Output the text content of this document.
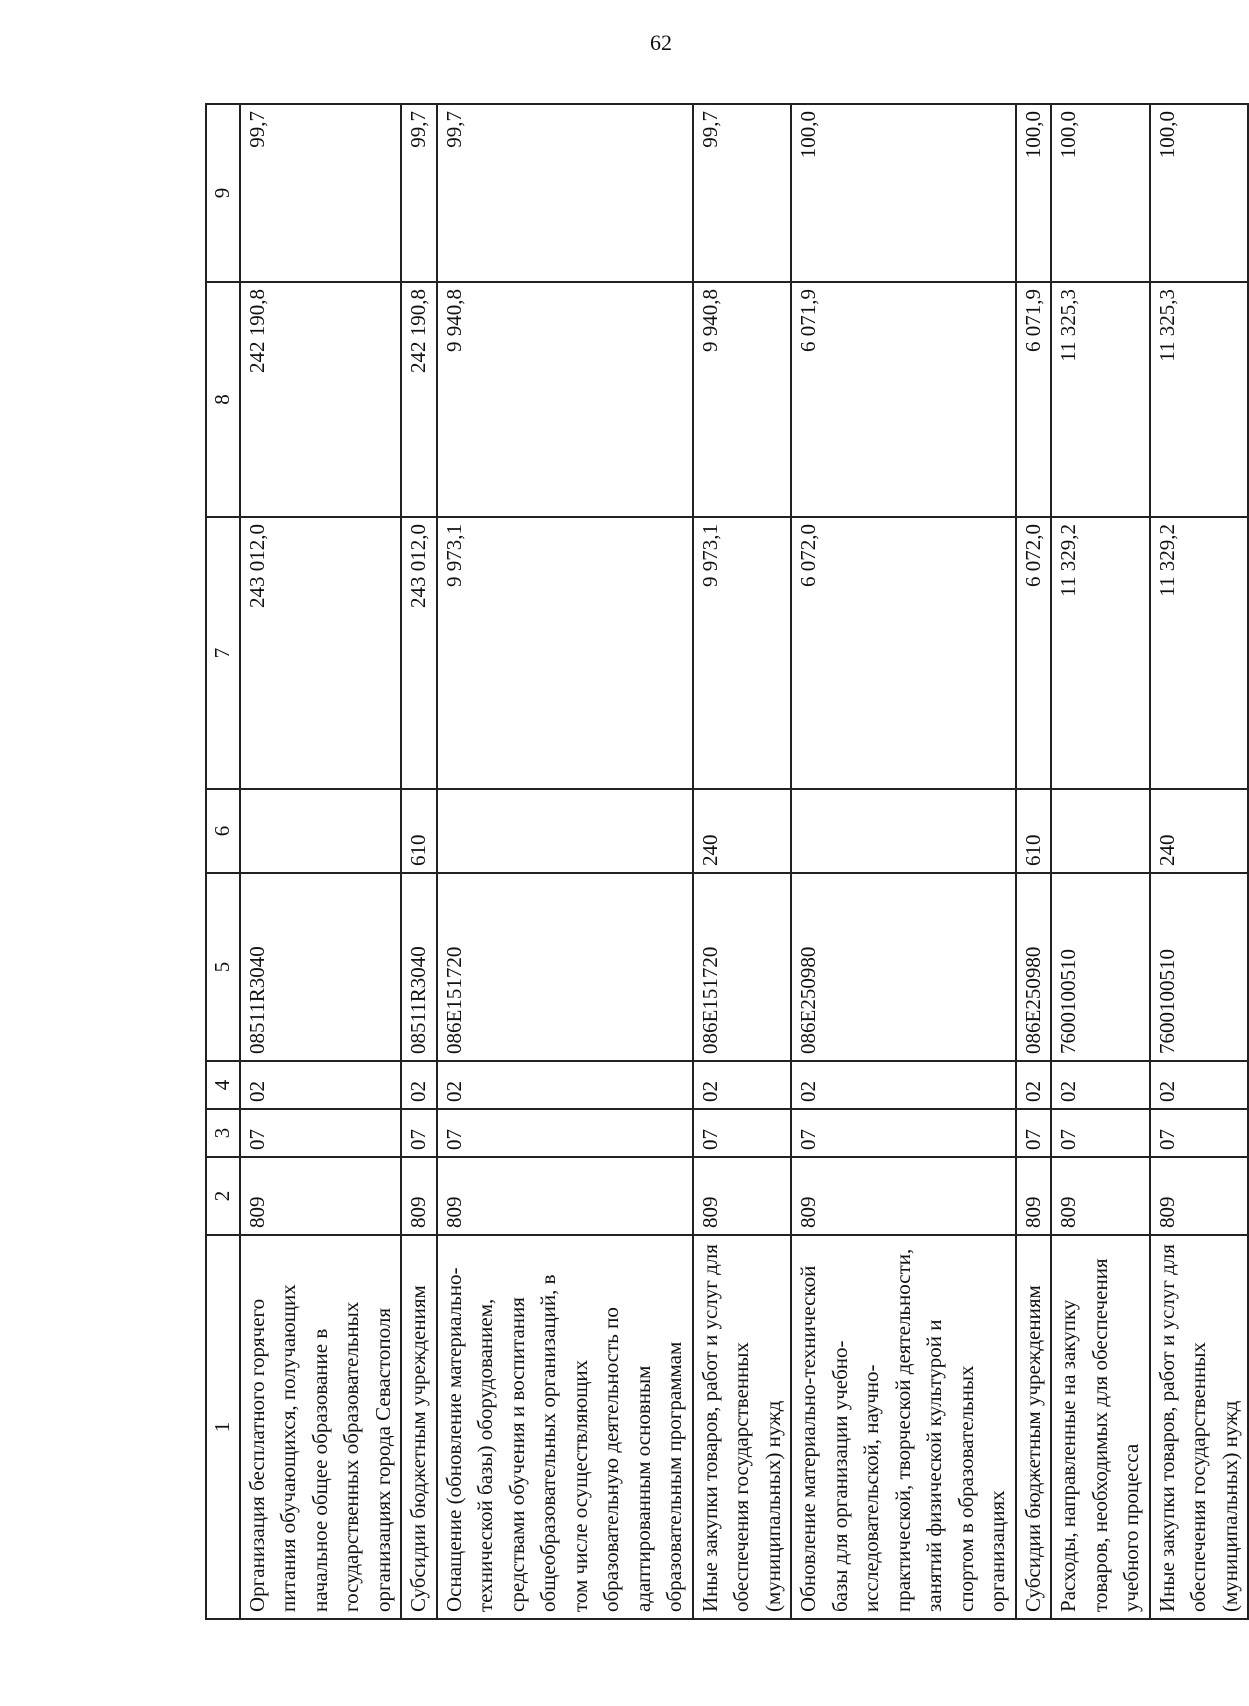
62
1	2	3	4	5	6	7	8	9
Организация бесплатного горячего питания обучающихся, получающих начальное общее образование в государственных образовательных организациях города Севастополя	809	07	02	08511R3040		243 012,0	242 190,8	99,7
Субсидии бюджетным учреждениям	809	07	02	08511R3040	610	243 012,0	242 190,8	99,7
Оснащение (обновление материально-технической базы) оборудованием, средствами обучения и воспитания общеобразовательных организаций, в том числе осуществляющих образовательную деятельность по адаптированным основным образовательным программам	809	07	02	086E151720		9 973,1	9 940,8	99,7
Иные закупки товаров, работ и услуг для обеспечения государственных (муниципальных) нужд	809	07	02	086E151720	240	9 973,1	9 940,8	99,7
Обновление материально-технической базы для организации учебно-исследовательской, научно-практической, творческой деятельности, занятий физической культурой и спортом в образовательных организациях	809	07	02	086E250980		6 072,0	6 071,9	100,0
Субсидии бюджетным учреждениям	809	07	02	086E250980	610	6 072,0	6 071,9	100,0
Расходы, направленные на закупку товаров, необходимых для обеспечения учебного процесса	809	07	02	7600100510		11 329,2	11 325,3	100,0
Иные закупки товаров, работ и услуг для обеспечения государственных (муниципальных) нужд	809	07	02	7600100510	240	11 329,2	11 325,3	100,0
